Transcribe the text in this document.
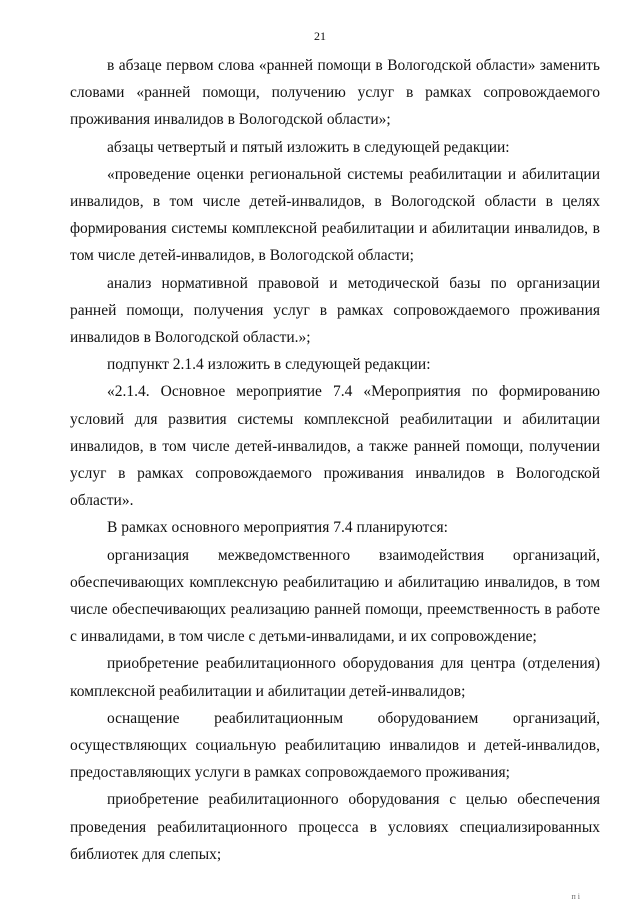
21

в абзаце первом слова «ранней помощи в Вологодской области» заменить словами «ранней помощи, получению услуг в рамках сопровождаемого проживания инвалидов в Вологодской области»;

абзацы четвертый и пятый изложить в следующей редакции:

«проведение оценки региональной системы реабилитации и абилитации инвалидов, в том числе детей-инвалидов, в Вологодской области в целях формирования системы комплексной реабилитации и абилитации инвалидов, в том числе детей-инвалидов, в Вологодской области;

анализ нормативной правовой и методической базы по организации ранней помощи, получения услуг в рамках сопровождаемого проживания инвалидов в Вологодской области.»;

подпункт 2.1.4 изложить в следующей редакции:

«2.1.4. Основное мероприятие 7.4 «Мероприятия по формированию условий для развития системы комплексной реабилитации и абилитации инвалидов, в том числе детей-инвалидов, а также ранней помощи, получении услуг в рамках сопровождаемого проживания инвалидов в Вологодской области».

В рамках основного мероприятия 7.4 планируются:

организация межведомственного взаимодействия организаций, обеспечивающих комплексную реабилитацию и абилитацию инвалидов, в том числе обеспечивающих реализацию ранней помощи, преемственность в работе с инвалидами, в том числе с детьми-инвалидами, и их сопровождение;

приобретение реабилитационного оборудования для центра (отделения) комплексной реабилитации и абилитации детей-инвалидов;

оснащение реабилитационным оборудованием организаций, осуществляющих социальную реабилитацию инвалидов и детей-инвалидов, предоставляющих услуги в рамках сопровождаемого проживания;

приобретение реабилитационного оборудования с целью обеспечения проведения реабилитационного процесса в условиях специализированных библиотек для слепых;

п і
